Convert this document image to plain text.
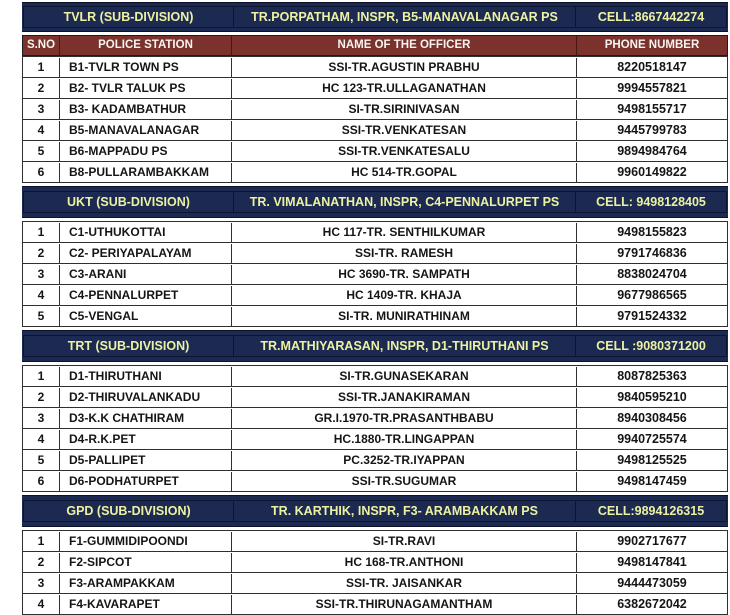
TVLR (SUB-DIVISION)	TR.PORPATHAM, INSPR, B5-MANAVALANAGAR PS	CELL:8667442274
S.NO	POLICE STATION	NAME OF THE OFFICER	PHONE NUMBER
1	B1-TVLR TOWN PS	SSI-TR.AGUSTIN PRABHU	8220518147
2	B2- TVLR TALUK PS	HC 123-TR.ULLAGANATHAN	9994557821
3	B3- KADAMBATHUR	SI-TR.SIRINIVASAN	9498155717
4	B5-MANAVALANAGAR	SSI-TR.VENKATESAN	9445799783
5	B6-MAPPADU PS	SSI-TR.VENKATESALU	9894984764
6	B8-PULLARAMBAKKAM	HC 514-TR.GOPAL	9960149822
UKT (SUB-DIVISION)	TR. VIMALANATHAN, INSPR, C4-PENNALURPET PS	CELL: 9498128405
1	C1-UTHUKOTTAI	HC 117-TR. SENTHILKUMAR	9498155823
2	C2- PERIYAPALAYAM	SSI-TR. RAMESH	9791746836
3	C3-ARANI	HC 3690-TR. SAMPATH	8838024704
4	C4-PENNALURPET	HC 1409-TR. KHAJA	9677986565
5	C5-VENGAL	SI-TR. MUNIRATHINAM	9791524332
TRT (SUB-DIVISION)	TR.MATHIYARASAN, INSPR, D1-THIRUTHANI PS	CELL :9080371200
1	D1-THIRUTHANI	SI-TR.GUNASEKARAN	8087825363
2	D2-THIRUVALANKADU	SSI-TR.JANAKIRAMAN	9840595210
3	D3-K.K CHATHIRAM	GR.I.1970-TR.PRASANTHBABU	8940308456
4	D4-R.K.PET	HC.1880-TR.LINGAPPAN	9940725574
5	D5-PALLIPET	PC.3252-TR.IYAPPAN	9498125525
6	D6-PODHATURPET	SSI-TR.SUGUMAR	9498147459
GPD (SUB-DIVISION)	TR. KARTHIK, INSPR, F3- ARAMBAKKAM PS	CELL:9894126315
1	F1-GUMMIDIPOONDI	SI-TR.RAVI	9902717677
2	F2-SIPCOT	HC 168-TR.ANTHONI	9498147841
3	F3-ARAMPAKKAM	SSI-TR. JAISANKAR	9444473059
4	F4-KAVARAPET	SSI-TR.THIRUNAGAMANTHAM	6382672042
